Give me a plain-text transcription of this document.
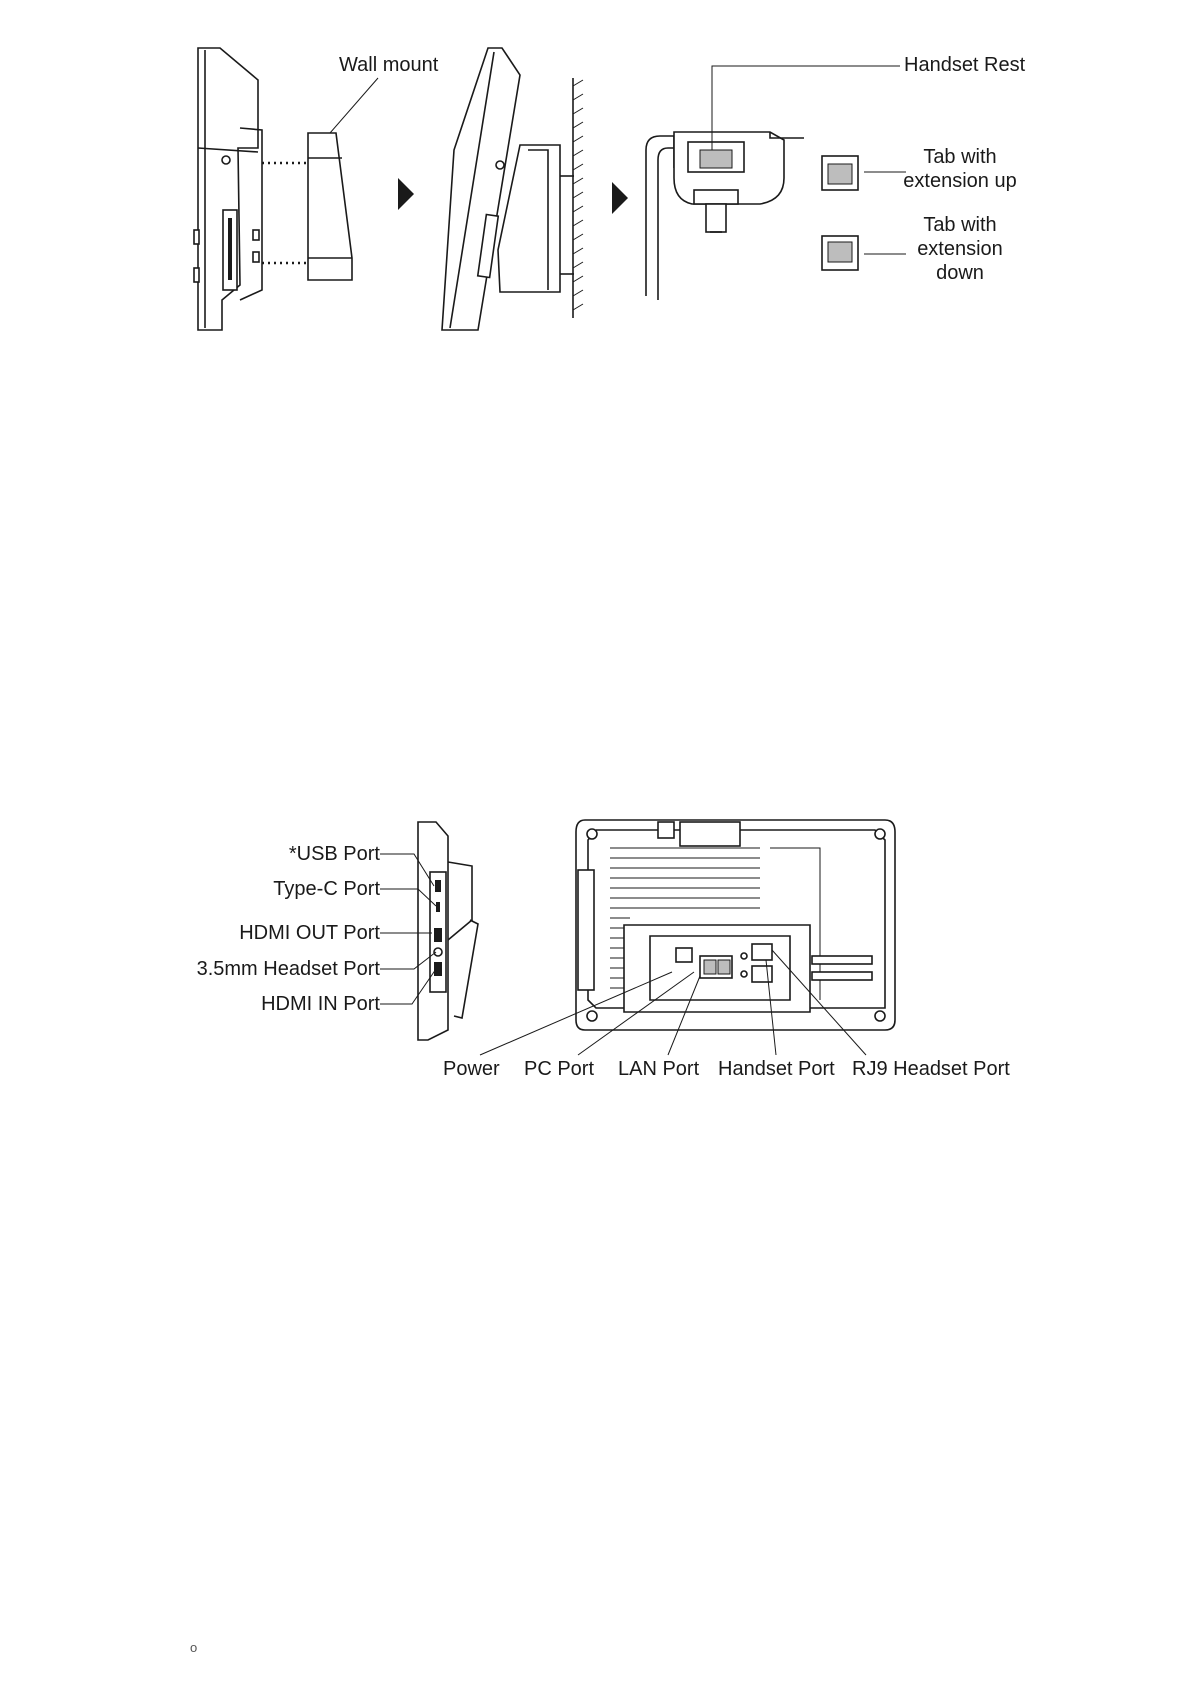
Wall mount	Handset Rest
Tab with
extension up
Tab with
extension
down
*USB Port
Type-C Port
HDMI OUT Port
3.5mm Headset Port
HDMI IN Port
Power PC Port LAN Port Handset Port RJ9 Headset Port
o
